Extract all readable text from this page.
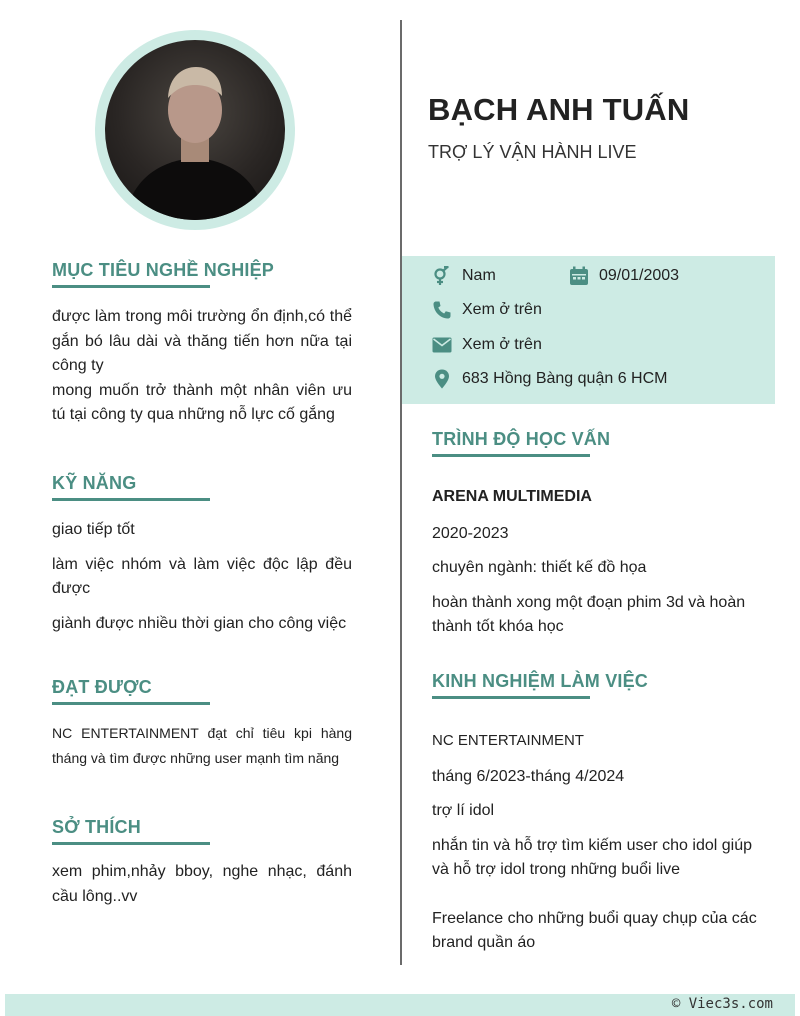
MỤC TIÊU NGHỀ NGHIỆP

được làm trong môi trường ổn định,có thể gắn bó lâu dài và thăng tiến hơn nữa tại công ty

mong muốn trở thành một nhân viên ưu tú tại công ty qua những nỗ lực cố gắng

KỸ NĂNG

giao tiếp tốt

làm việc nhóm và làm việc độc lập đều được

giành được nhiều thời gian cho công việc

ĐẠT ĐƯỢC

NC ENTERTAINMENT đạt chỉ tiêu kpi hàng tháng và tìm được những user mạnh tìm năng

SỞ THÍCH

xem phim,nhảy bboy, nghe nhạc, đánh cầu lông..vv

BẠCH ANH TUẤN
TRỢ LÝ VẬN HÀNH LIVE
Nam	09/01/2003
Xem ở trên
Xem ở trên
683 Hồng Bàng quận 6 HCM
TRÌNH ĐỘ HỌC VẤN

ARENA MULTIMEDIA

2020-2023

chuyên ngành: thiết kế đồ họa

hoàn thành xong một đoạn phim 3d và hoàn thành tốt khóa học

KINH NGHIỆM LÀM VIỆC

NC ENTERTAINMENT

tháng 6/2023-tháng 4/2024

trợ lí idol

nhắn tin và hỗ trợ tìm kiếm user cho idol giúp và hỗ trợ idol trong những buổi live

Freelance cho những buổi quay chụp của các brand quần áo

© Viec3s.com
